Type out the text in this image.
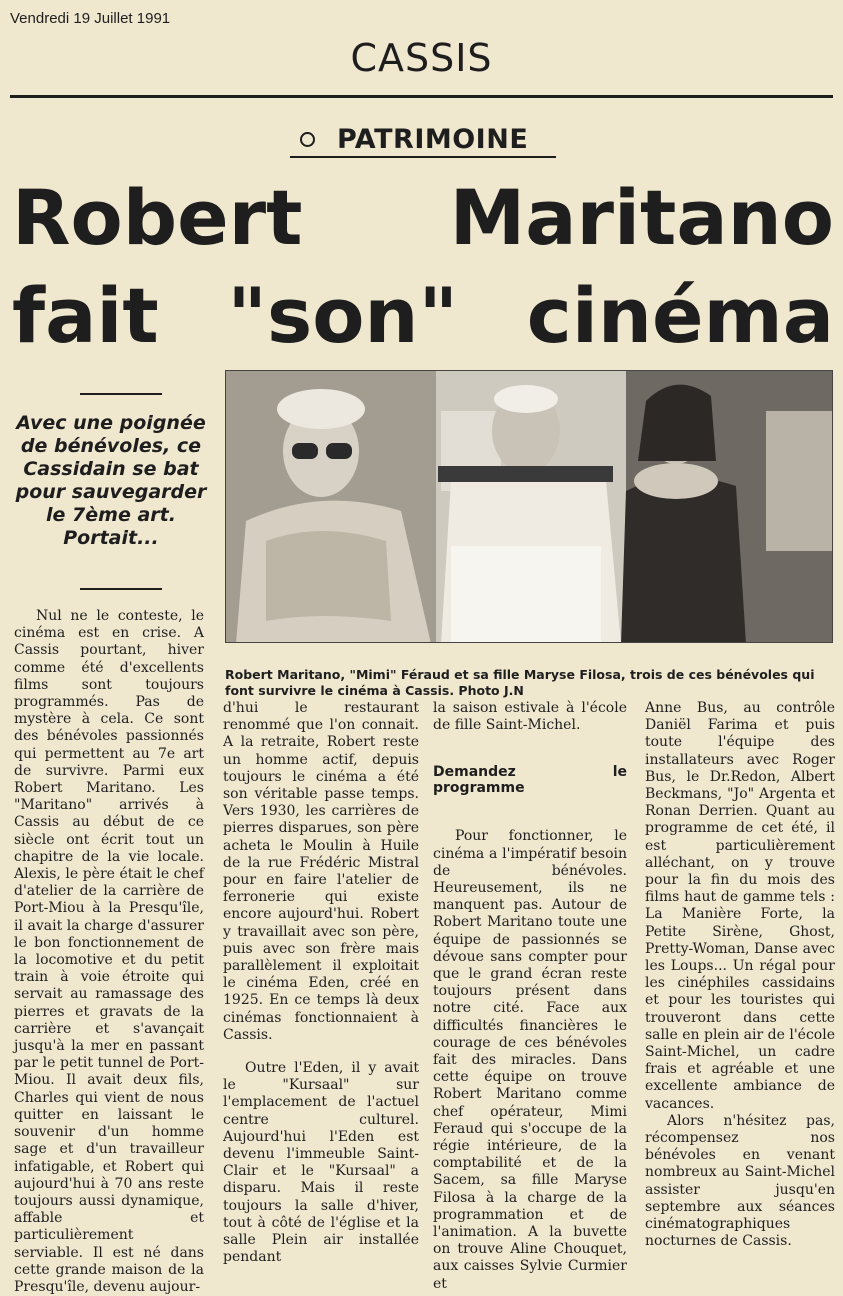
Vendredi 19 Juillet 1991
CASSIS
PATRIMOINE
Robert Maritano
fait "son" cinéma
Avec une poignée de bénévoles, ce Cassidain se bat pour sauvegarder le 7ème art. Portait...
Robert Maritano, "Mimi" Féraud et sa fille Maryse Filosa, trois de ces bénévoles qui font survivre le cinéma à Cassis. Photo J.N

Nul ne le conteste, le cinéma est en crise. A Cassis pourtant, hiver comme été d'excellents films sont toujours programmés. Pas de mystère à cela. Ce sont des bénévoles passionnés qui permettent au 7e art de survivre. Parmi eux Robert Maritano. Les "Maritano" arrivés à Cassis au début de ce siècle ont écrit tout un chapitre de la vie locale. Alexis, le père était le chef d'atelier de la carrière de Port-Miou à la Presqu'île, il avait la charge d'assurer le bon fonctionnement de la locomotive et du petit train à voie étroite qui servait au ramassage des pierres et gravats de la carrière et s'avançait jusqu'à la mer en passant par le petit tunnel de Port-Miou. Il avait deux fils, Charles qui vient de nous quitter en laissant le souvenir d'un homme sage et d'un travailleur infatigable, et Robert qui aujourd'hui à 70 ans reste toujours aussi dynamique, affable et particulièrement serviable. Il est né dans cette grande maison de la Presqu'île, devenu aujour-

d'hui le restaurant renommé que l'on connait. A la retraite, Robert reste un homme actif, depuis toujours le cinéma a été son véritable passe temps. Vers 1930, les carrières de pierres disparues, son père acheta le Moulin à Huile de la rue Frédéric Mistral pour en faire l'atelier de ferronerie qui existe encore aujourd'hui. Robert y travaillait avec son père, puis avec son frère mais parallèlement il exploitait le cinéma Eden, créé en 1925. En ce temps là deux cinémas fonctionnaient à Cassis.

Outre l'Eden, il y avait le "Kursaal" sur l'emplacement de l'actuel centre culturel. Aujourd'hui l'Eden est devenu l'immeuble Saint-Clair et le "Kursaal" a disparu. Mais il reste toujours la salle d'hiver, tout à côté de l'église et la salle Plein air installée pendant

la saison estivale à l'école de fille Saint-Michel.

Demandez le programme

Pour fonctionner, le cinéma a l'impératif besoin de bénévoles. Heureusement, ils ne manquent pas. Autour de Robert Maritano toute une équipe de passionnés se dévoue sans compter pour que le grand écran reste toujours présent dans notre cité. Face aux difficultés financières le courage de ces bénévoles fait des miracles. Dans cette équipe on trouve Robert Maritano comme chef opérateur, Mimi Feraud qui s'occupe de la régie intérieure, de la comptabilité et de la Sacem, sa fille Maryse Filosa à la charge de la programmation et de l'animation. A la buvette on trouve Aline Chouquet, aux caisses Sylvie Curmier et

Anne Bus, au contrôle Daniël Farima et puis toute l'équipe des installateurs avec Roger Bus, le Dr.Redon, Albert Beckmans, "Jo" Argenta et Ronan Derrien. Quant au programme de cet été, il est particulièrement alléchant, on y trouve pour la fin du mois des films haut de gamme tels : La Manière Forte, la Petite Sirène, Ghost, Pretty-Woman, Danse avec les Loups... Un régal pour les cinéphiles cassidains et pour les touristes qui trouveront dans cette salle en plein air de l'école Saint-Michel, un cadre frais et agréable et une excellente ambiance de vacances.

Alors n'hésitez pas, récompensez nos bénévoles en venant nombreux au Saint-Michel assister jusqu'en septembre aux séances cinématographiques nocturnes de Cassis.
